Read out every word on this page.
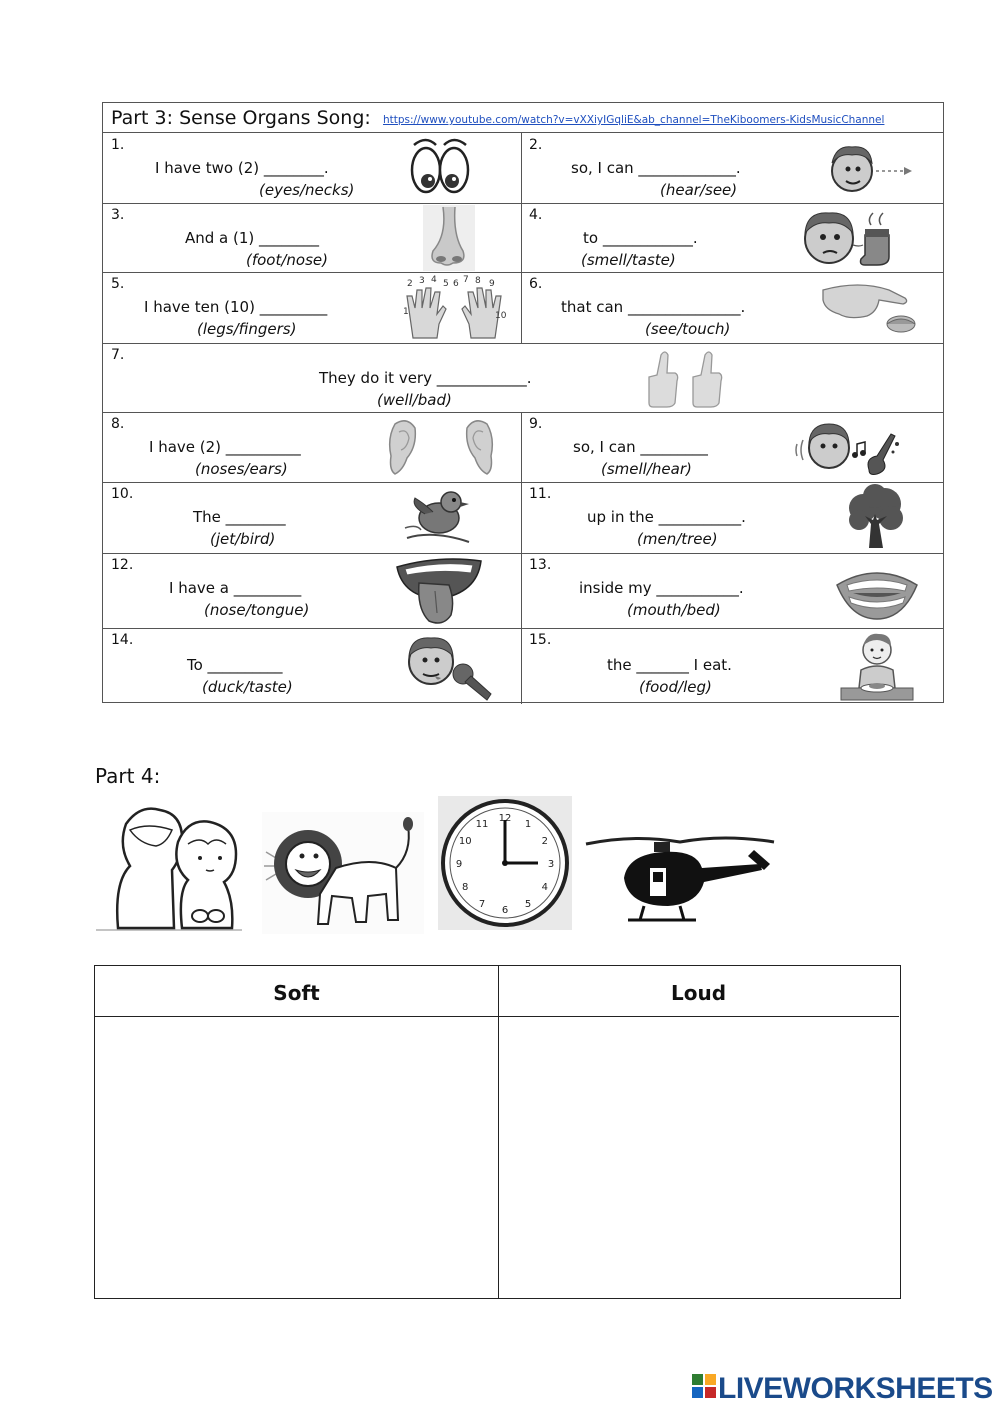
Part 3: Sense Organs Song: https://www.youtube.com/watch?v=vXXiyIGqliE&ab_channel=TheKiboomers-KidsMusicChannel
1.
I have two (2) ________.
(eyes/necks)
2.
so, I can _____________.
(hear/see)
3.
And a (1) ________
(foot/nose)
4.
to ____________.
(smell/taste)
5.
I have ten (10) _________
(legs/fingers)
1
2 3 4 5 6 7 8 9
10
6.
that can _______________.
(see/touch)
7.
They do it very ____________.
(well/bad)
8.
I have (2) __________
(noses/ears)
9.
so, I can _________
(smell/hear)
10.
The ________
(jet/bird)
11.
up in the ___________.
(men/tree)
12.
I have a _________
(nose/tongue)
13.
inside my ___________.
(mouth/bed)
14.
To __________
(duck/taste)
15.
the _______ I eat.
(food/leg)
Part 4:
12
1
2
3
4
5
6
7
8
9
10
11
Soft	Loud
LIVEWORKSHEETS
